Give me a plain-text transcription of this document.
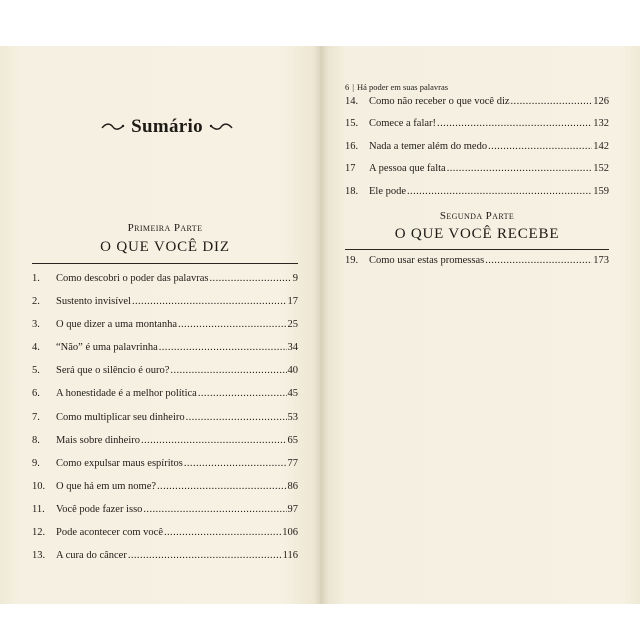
Sumário
Primeira Parte
O QUE VOCÊ DIZ
1.	Como descobri o poder das palavras .....	9
2.	Sustento invisível .....	17
3.	O que dizer a uma montanha .....	25
4.	“Não” é uma palavrinha .....	34
5.	Será que o silêncio é ouro? .....	40
6.	A honestidade é a melhor política .....	45
7.	Como multiplicar seu dinheiro .....	53
8.	Mais sobre dinheiro .....	65
9.	Como expulsar maus espíritos .....	77
10.	O que há em um nome? .....	86
11.	Você pode fazer isso .....	97
12.	Pode acontecer com você .....	106
13.	A cura do câncer .....	116
6 | Há poder em suas palavras
14.	Como não receber o que você diz .....	126
15.	Comece a falar! .....	132
16.	Nada a temer além do medo .....	142
17	A pessoa que falta .....	152
18.	Ele pode .....	159
Segunda Parte
O QUE VOCÊ RECEBE
19.	Como usar estas promessas .....	173
